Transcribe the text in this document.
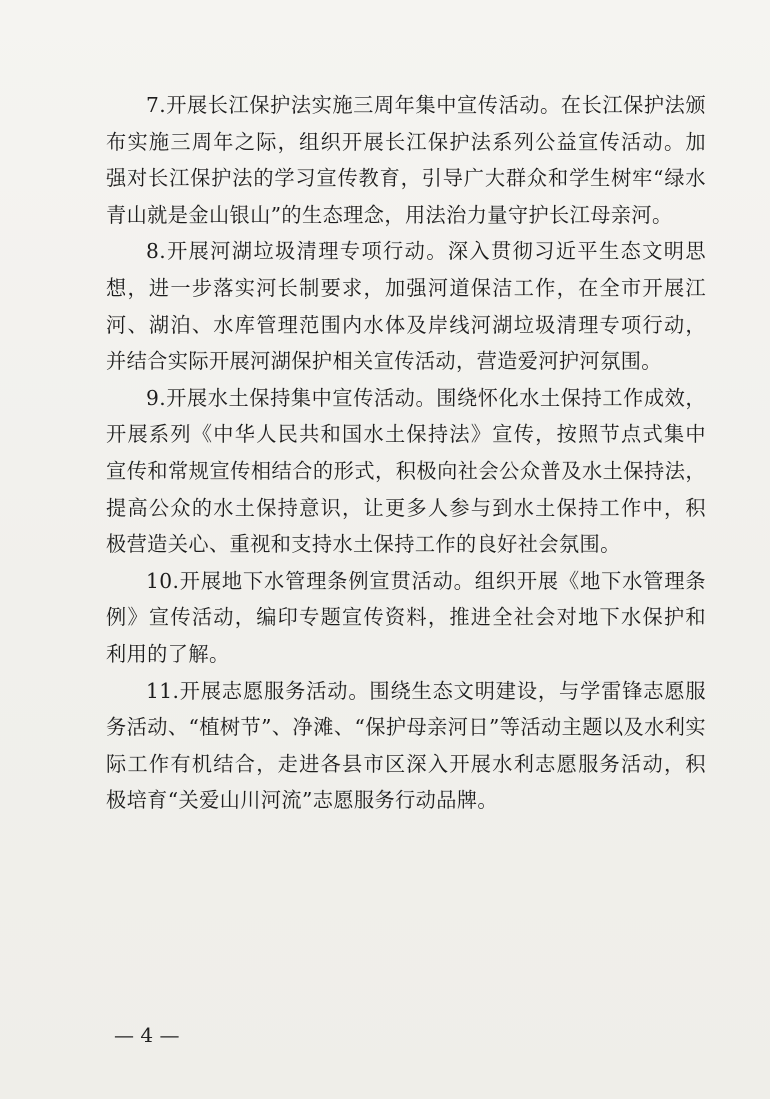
7.开展长江保护法实施三周年集中宣传活动。在长江保护法颁
布实施三周年之际，组织开展长江保护法系列公益宣传活动。加
强对长江保护法的学习宣传教育，引导广大群众和学生树牢“绿水
青山就是金山银山”的生态理念，用法治力量守护长江母亲河。

8.开展河湖垃圾清理专项行动。深入贯彻习近平生态文明思
想，进一步落实河长制要求，加强河道保洁工作，在全市开展江
河、湖泊、水库管理范围内水体及岸线河湖垃圾清理专项行动，
并结合实际开展河湖保护相关宣传活动，营造爱河护河氛围。

9.开展水土保持集中宣传活动。围绕怀化水土保持工作成效，
开展系列《中华人民共和国水土保持法》宣传，按照节点式集中
宣传和常规宣传相结合的形式，积极向社会公众普及水土保持法，
提高公众的水土保持意识，让更多人参与到水土保持工作中，积
极营造关心、重视和支持水土保持工作的良好社会氛围。

10.开展地下水管理条例宣贯活动。组织开展《地下水管理条
例》宣传活动，编印专题宣传资料，推进全社会对地下水保护和
利用的了解。

11.开展志愿服务活动。围绕生态文明建设，与学雷锋志愿服
务活动、“植树节”、净滩、“保护母亲河日”等活动主题以及水利实
际工作有机结合，走进各县市区深入开展水利志愿服务活动，积
极培育“关爱山川河流”志愿服务行动品牌。

— 4 —
